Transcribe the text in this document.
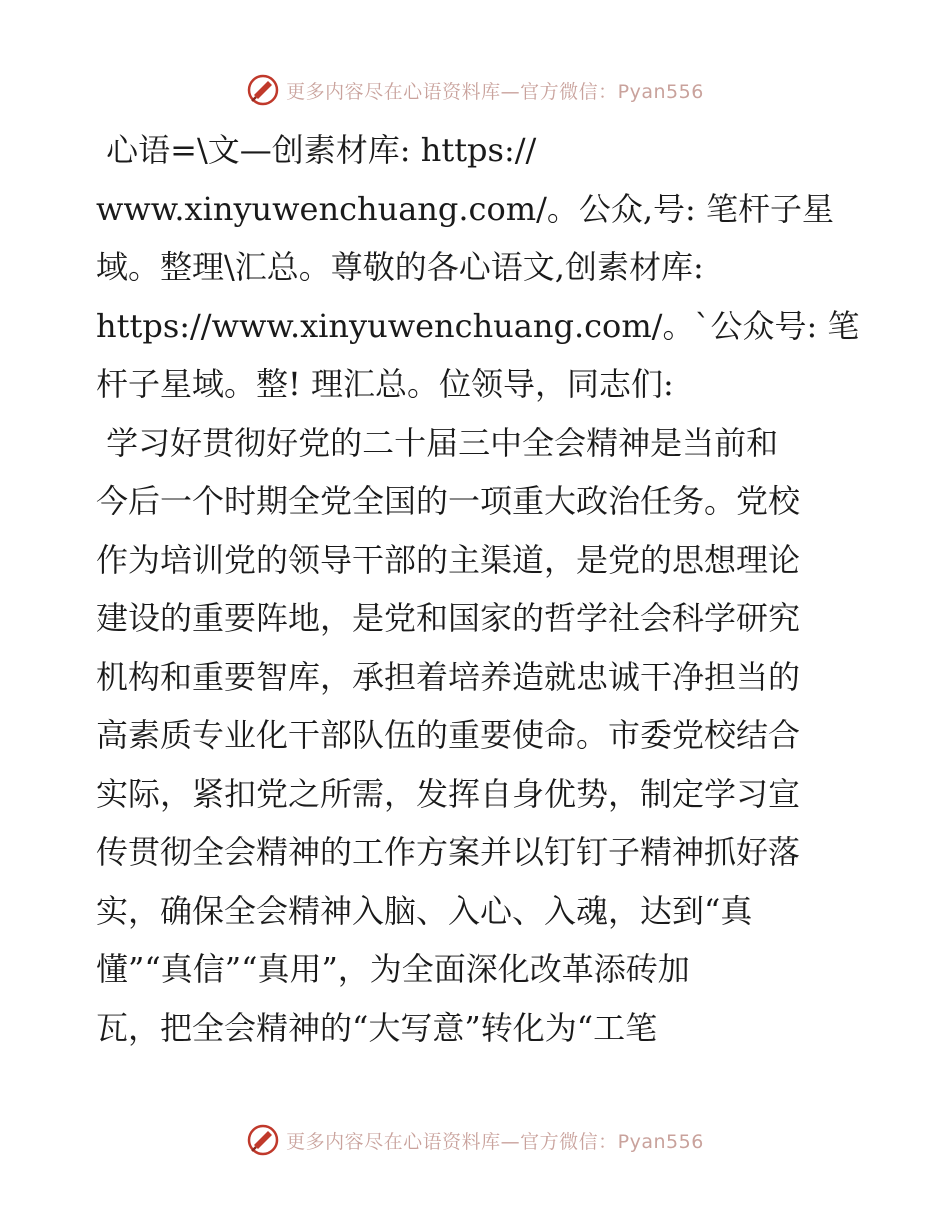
更多内容尽在心语资料库—官方微信：Pyan556
心语=\文—创素材库: https://
www.xinyuwenchuang.com/。公众,号: 笔杆子星
域。整理\汇总。尊敬的各心语文,创素材库:
https://www.xinyuwenchuang.com/。`公众号: 笔
杆子星域。整! 理汇总。位领导，同志们:
学习好贯彻好党的二十届三中全会精神是当前和
今后一个时期全党全国的一项重大政治任务。党校
作为培训党的领导干部的主渠道，是党的思想理论
建设的重要阵地，是党和国家的哲学社会科学研究
机构和重要智库，承担着培养造就忠诚干净担当的
高素质专业化干部队伍的重要使命。市委党校结合
实际，紧扣党之所需，发挥自身优势，制定学习宣
传贯彻全会精神的工作方案并以钉钉子精神抓好落
实，确保全会精神入脑、入心、入魂，达到“真
懂”“真信”“真用”，为全面深化改革添砖加
瓦，把全会精神的“大写意”转化为“工笔
更多内容尽在心语资料库—官方微信：Pyan556
